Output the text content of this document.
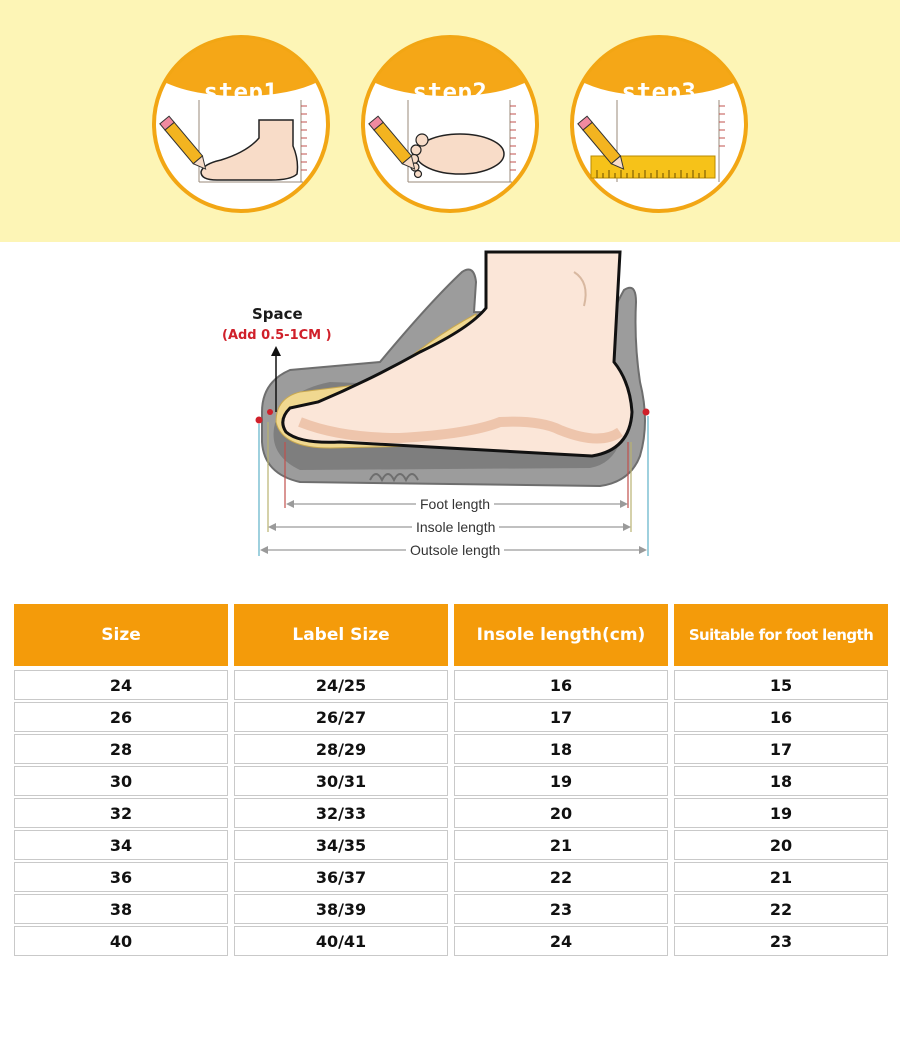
step1	step2	step3
Space
(Add 0.5-1CM )
Foot length
Insole length
Outsole length
Size	Label Size	Insole length(cm)	Suitable for foot length
24	24/25	16	15
26	26/27	17	16
28	28/29	18	17
30	30/31	19	18
32	32/33	20	19
34	34/35	21	20
36	36/37	22	21
38	38/39	23	22
40	40/41	24	23
